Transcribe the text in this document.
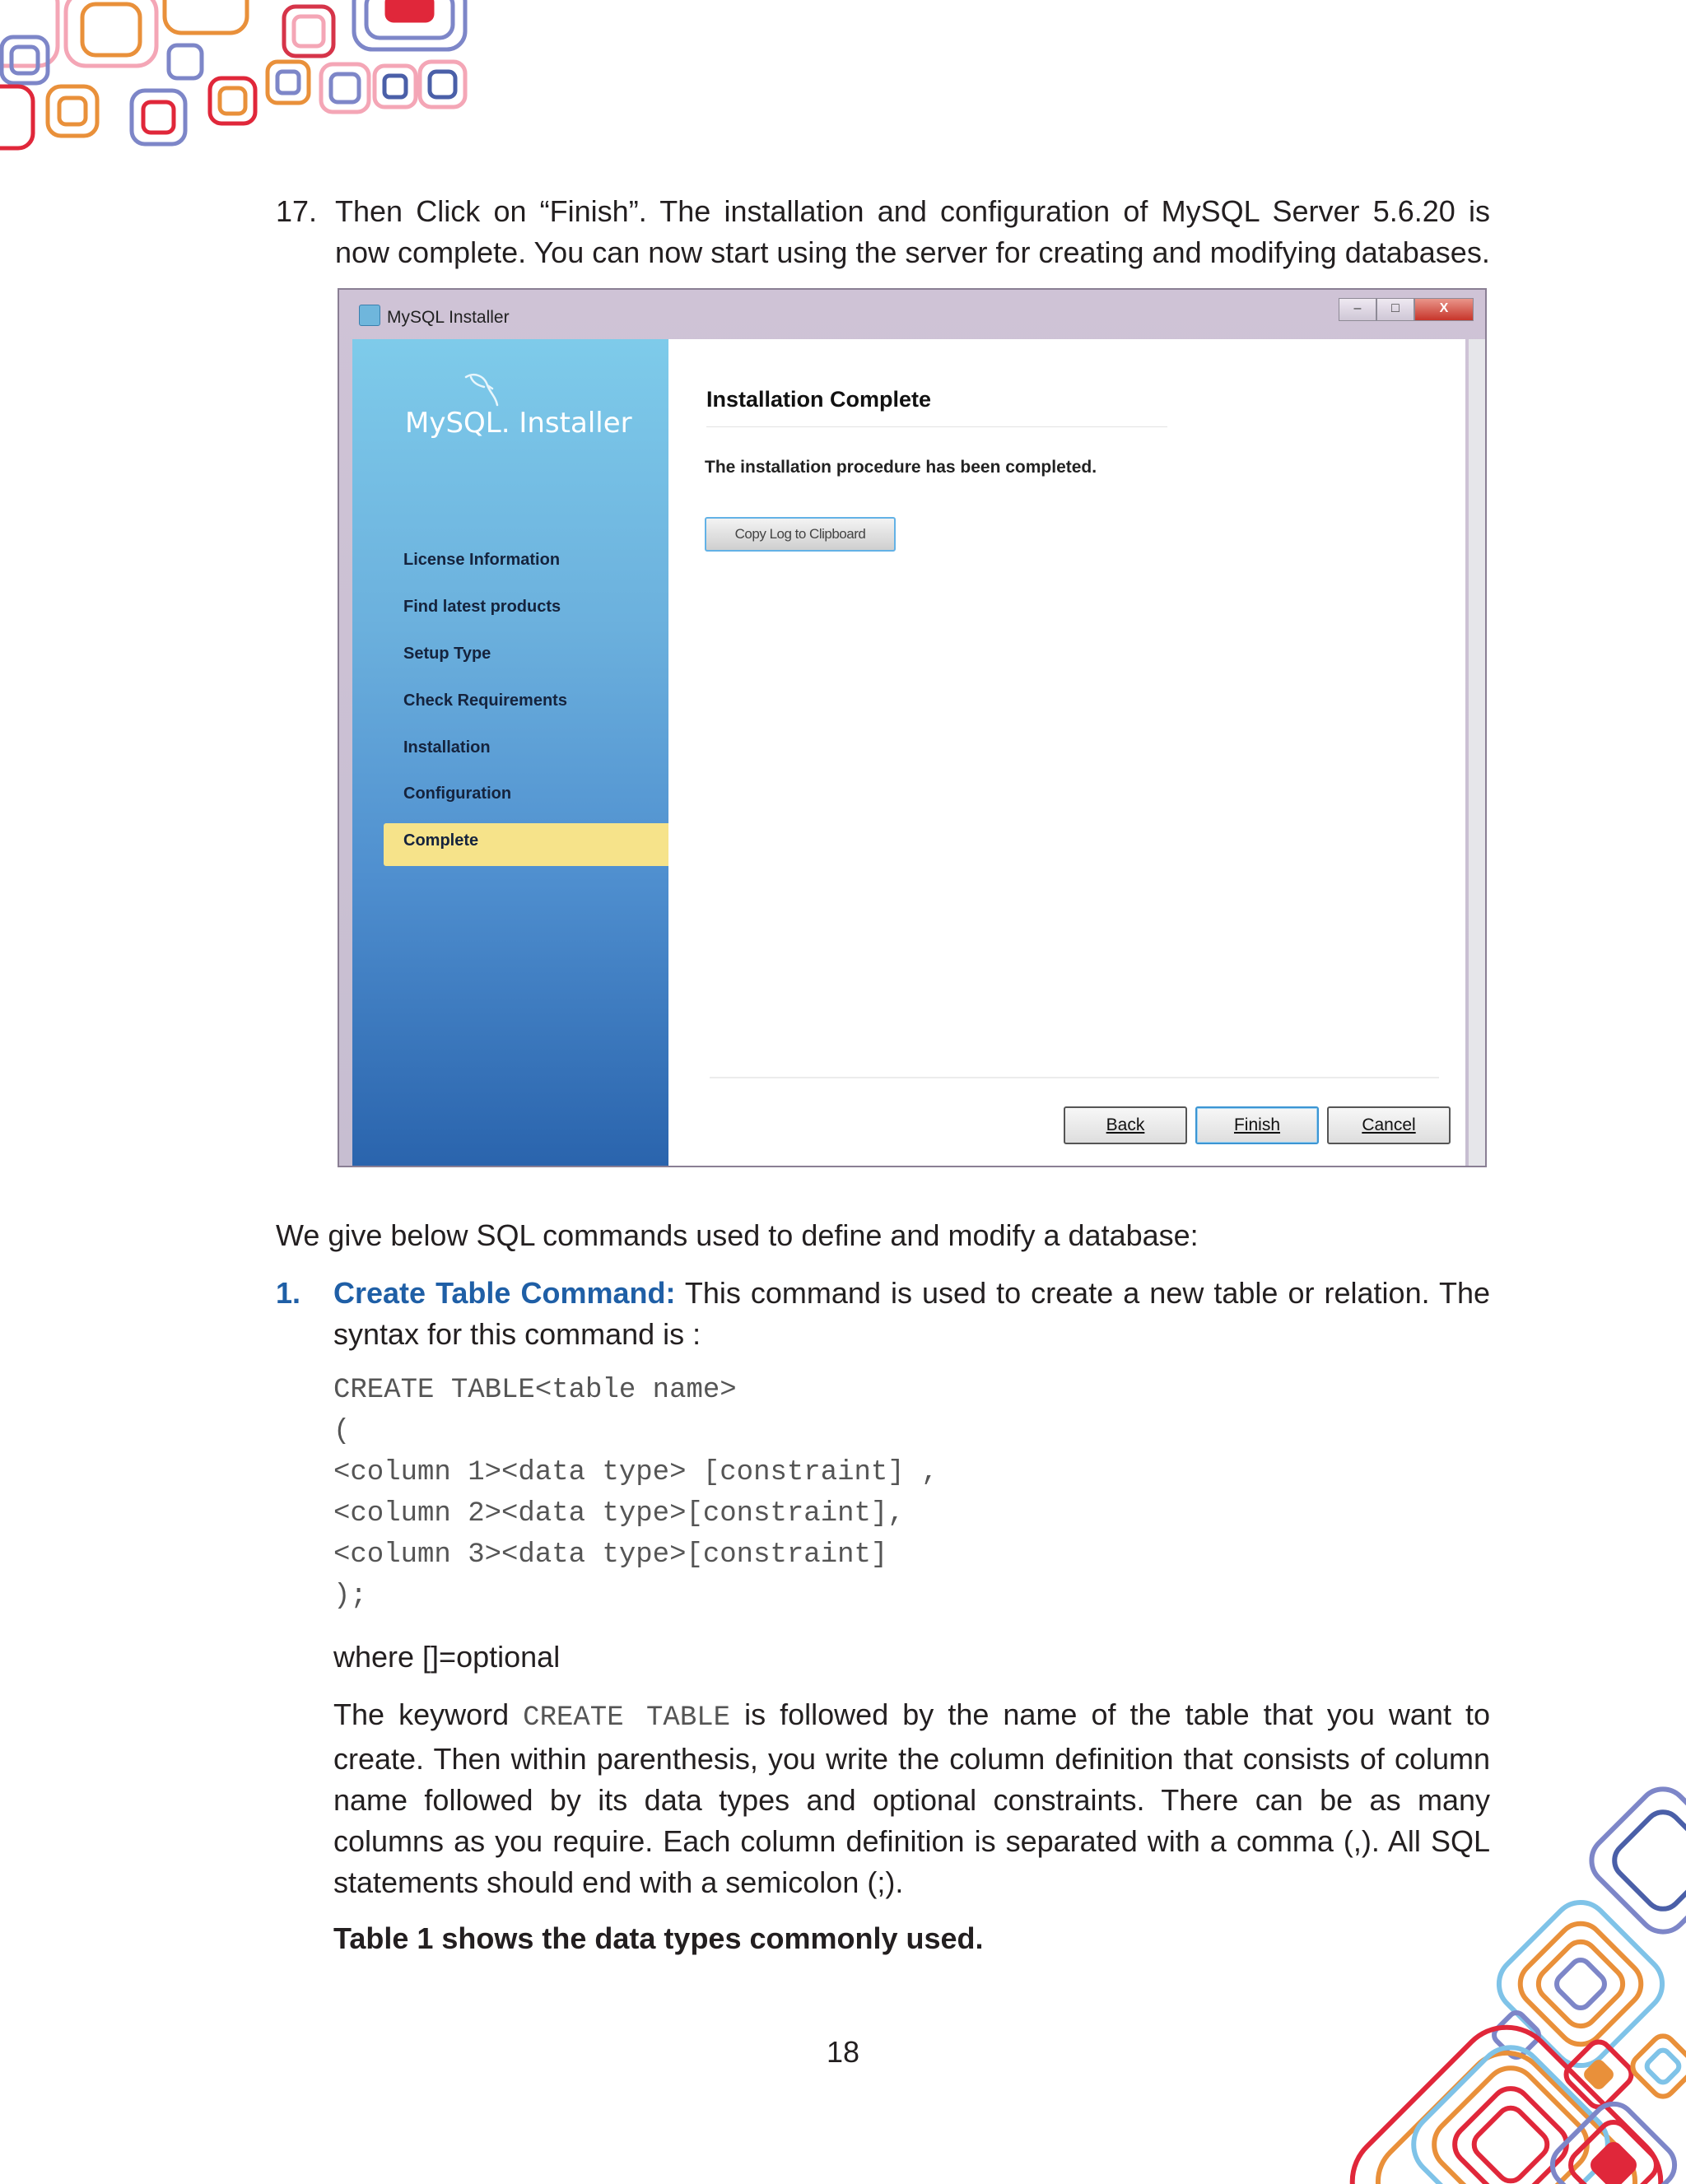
17. Then Click on “Finish”. The installation and configuration of MySQL Server 5.6.20 is now complete. You can now start using the server for creating and modifying databases.
MySQL Installer	–	□	X
MySQL. Installer
License Information
Find latest products
Setup Type
Check Requirements
Installation
Configuration
Complete
Installation Complete
The installation procedure has been completed.
Copy Log to Clipboard
Back	Finish	Cancel
We give below SQL commands used to define and modify a database:
1. Create Table Command: This command is used to create a new table or relation. The syntax for this command is :
CREATE TABLE<table name>
(
<column 1><data type> [constraint] ,
<column 2><data type>[constraint],
<column 3><data type>[constraint]
);
where []=optional
The keyword CREATE TABLE is followed by the name of the table that you want to create. Then within parenthesis, you write the column definition that consists of column name followed by its data types and optional constraints. There can be as many columns as you require. Each column definition is separated with a comma (,). All SQL statements should end with a semicolon (;).
Table 1 shows the data types commonly used.
18
